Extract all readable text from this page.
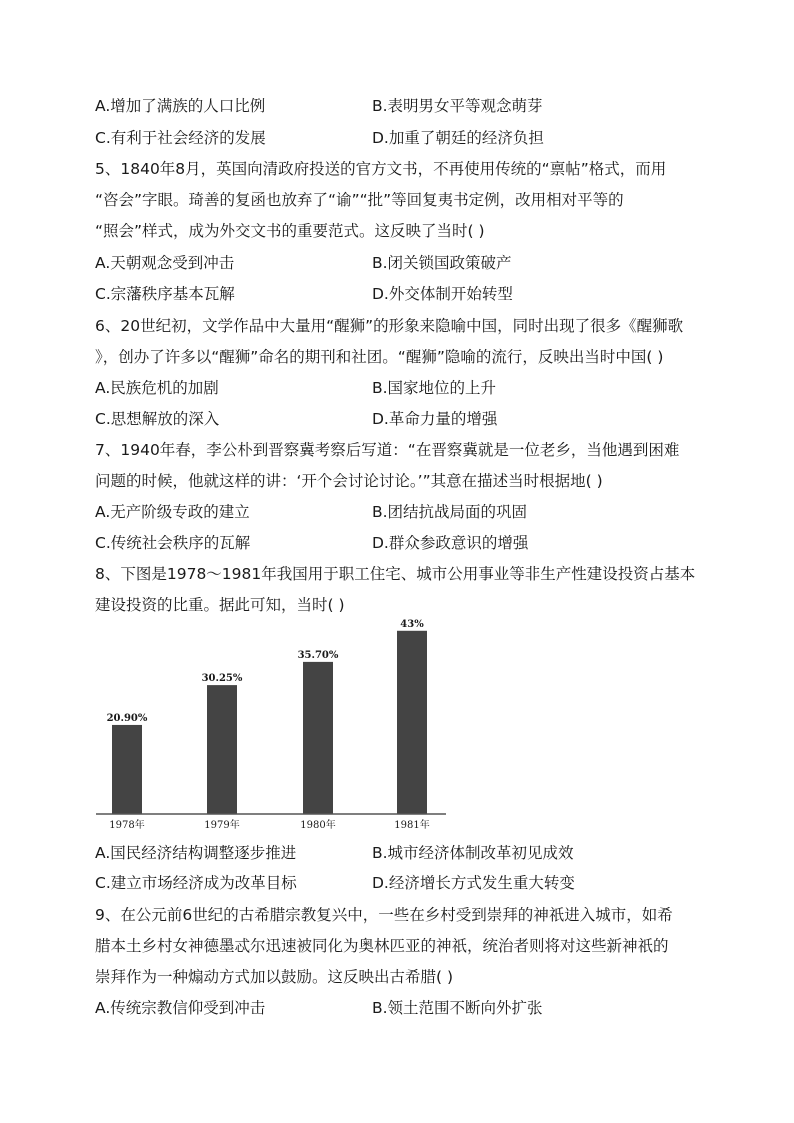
A.增加了满族的人口比例	B.表明男女平等观念萌芽
C.有利于社会经济的发展	D.加重了朝廷的经济负担
5、1840年8月，英国向清政府投送的官方文书，不再使用传统的“禀帖”格式，而用
“咨会”字眼。琦善的复函也放弃了“谕”“批”等回复夷书定例，改用相对平等的
“照会”样式，成为外交文书的重要范式。这反映了当时( )
A.天朝观念受到冲击	B.闭关锁国政策破产
C.宗藩秩序基本瓦解	D.外交体制开始转型
6、20世纪初，文学作品中大量用“醒狮”的形象来隐喻中国，同时出现了很多《醒狮歌
》，创办了许多以“醒狮”命名的期刊和社团。“醒狮”隐喻的流行，反映出当时中国( )
A.民族危机的加剧	B.国家地位的上升
C.思想解放的深入	D.革命力量的增强
7、1940年春，李公朴到晋察冀考察后写道：“在晋察冀就是一位老乡，当他遇到困难
问题的时候，他就这样的讲：‘开个会讨论讨论。’”其意在描述当时根据地( )
A.无产阶级专政的建立	B.团结抗战局面的巩固
C.传统社会秩序的瓦解	D.群众参政意识的增强
8、下图是1978～1981年我国用于职工住宅、城市公用事业等非生产性建设投资占基本
建设投资的比重。据此可知，当时( )
20.90%
30.25%
35.70%
43%
1978年	1979年	1980年	1981年
A.国民经济结构调整逐步推进	B.城市经济体制改革初见成效
C.建立市场经济成为改革目标	D.经济增长方式发生重大转变
9、在公元前6世纪的古希腊宗教复兴中，一些在乡村受到崇拜的神祇进入城市，如希
腊本土乡村女神德墨忒尔迅速被同化为奥林匹亚的神祇，统治者则将对这些新神祇的
崇拜作为一种煽动方式加以鼓励。这反映出古希腊( )
A.传统宗教信仰受到冲击	B.领土范围不断向外扩张
